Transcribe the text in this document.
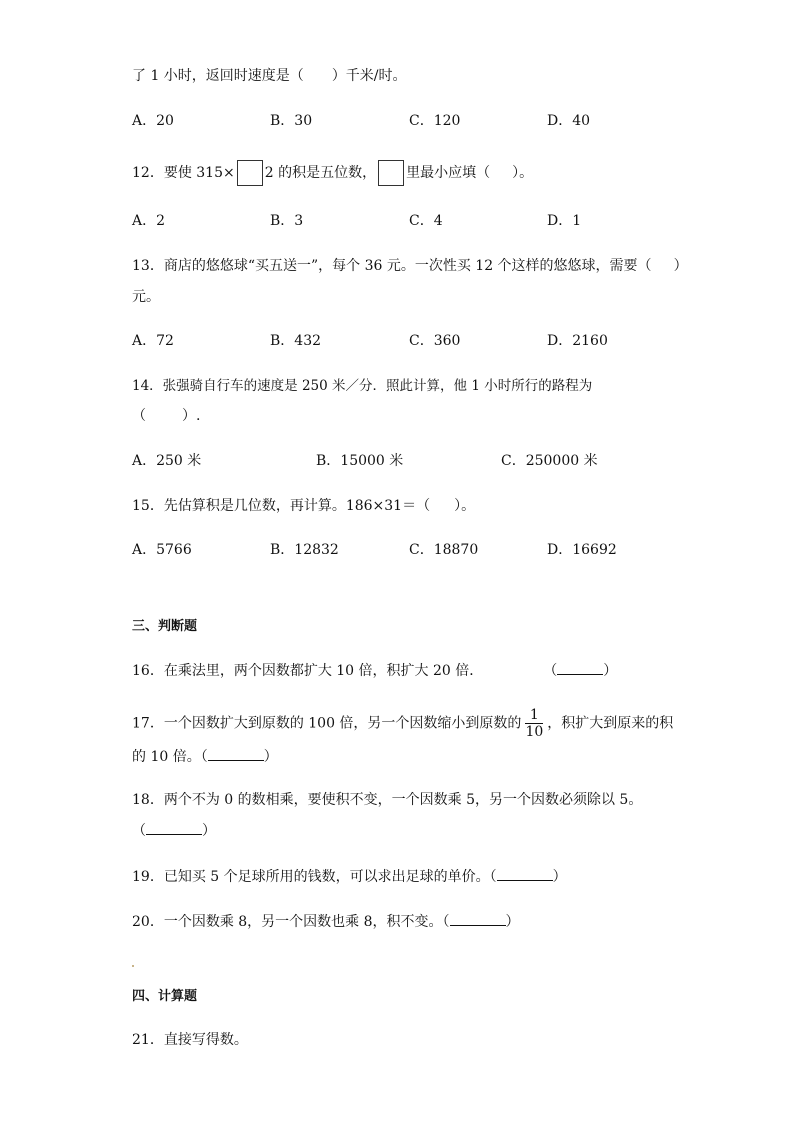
了 1 小时，返回时速度是（ ）千米/时。
A．20	B．30	C．120	D．40
12．要使 315× 2 的积是五位数， 里最小应填（ ）。
A．2	B．3	C．4	D．1
13．商店的悠悠球“买五送一”，每个 36 元。一次性买 12 个这样的悠悠球，需要（ ）
元。
A．72	B．432	C．360	D．2160
14．张强骑自行车的速度是 250 米／分．照此计算，他 1 小时所行的路程为
（	）.
A．250 米	B．15000 米	C．250000 米
15．先估算积是几位数，再计算。186×31＝（ ）。
A．5766	B．12832	C．18870	D．16692
三、判断题
16．在乘法里，两个因数都扩大 10 倍，积扩大 20 倍．	（	）
17．一个因数扩大到原数的 100 倍，另一个因数缩小到原数的 $\frac{1}{10}$ ，积扩大到原来的积
的 10 倍。（	）
18．两个不为 0 的数相乘，要使积不变，一个因数乘 5，另一个因数必须除以 5。
（	）
19．已知买 5 个足球所用的钱数，可以求出足球的单价。（	）
20．一个因数乘 8，另一个因数也乘 8，积不变。（	）
四、计算题
21．直接写得数。
